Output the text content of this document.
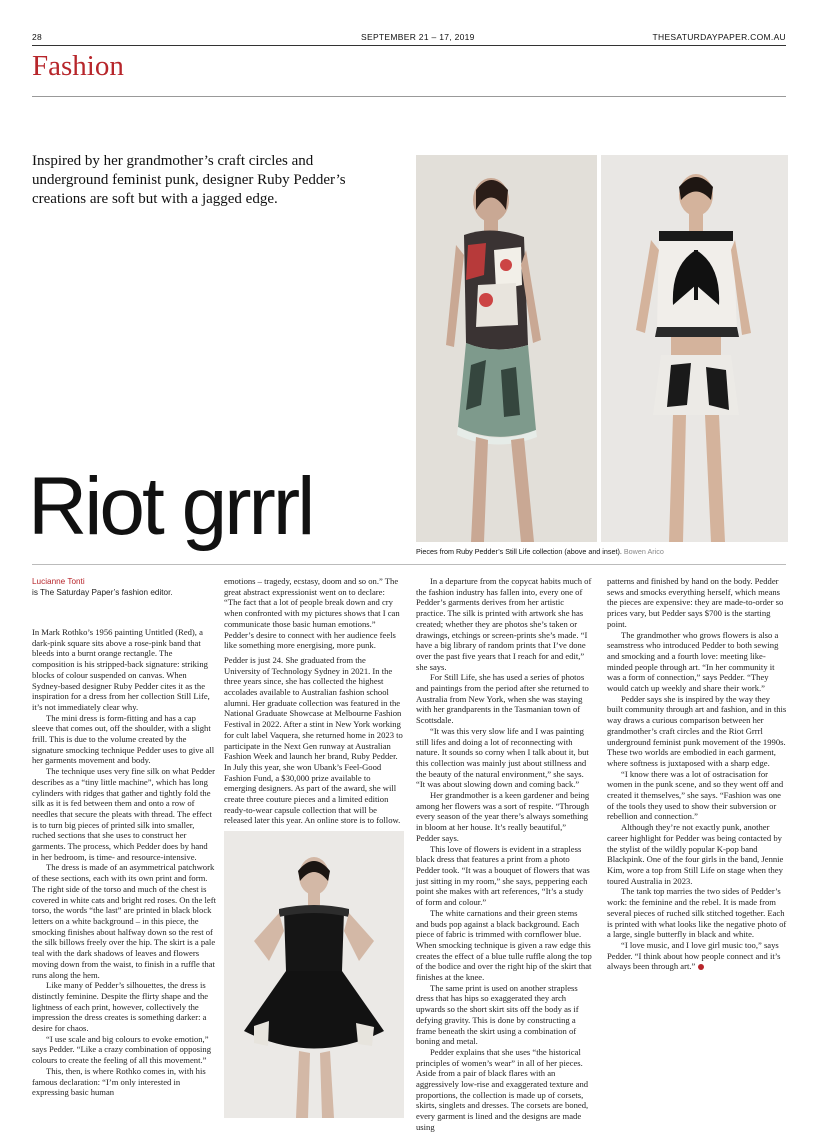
28	SEPTEMBER 21 – 17, 2019	THESATURDAYPAPER.COM.AU
Fashion
Inspired by her grandmother’s craft circles and underground feminist punk, designer Ruby Pedder’s creations are soft but with a jagged edge.
Riot grrrl	Pieces from Ruby Pedder’s Still Life collection (above and inset). Bowen Arico
Lucianne Tonti
is The Saturday Paper’s fashion editor.

In Mark Rothko’s 1956 painting Untitled (Red), a dark-pink square sits above a rose-pink band that bleeds into a burnt orange rectangle. The composition is his stripped-back signature: striking blocks of colour suspended on canvas. When Sydney-based designer Ruby Pedder cites it as the inspiration for a dress from her collection Still Life, it’s not immediately clear why.

The mini dress is form-fitting and has a cap sleeve that comes out, off the shoulder, with a slight frill. This is due to the volume created by the signature smocking technique Pedder uses to give all her garments movement and body.

The technique uses very fine silk on what Pedder describes as a “tiny little machine”, which has long cylinders with ridges that gather and tightly fold the silk as it is fed between them and onto a row of needles that secure the pleats with thread. The effect is to turn big pieces of printed silk into smaller, ruched sections that she uses to construct her garments. The process, which Pedder does by hand in her bedroom, is time- and resource-intensive.

The dress is made of an asymmetrical patchwork of these sections, each with its own print and form. The right side of the torso and much of the chest is covered in white cats and bright red roses. On the left torso, the words “the last” are printed in black block letters on a white background – in this piece, the smocking finishes about halfway down so the rest of the silk billows freely over the hip. The skirt is a pale teal with the dark shadows of leaves and flowers moving down from the waist, to finish in a ruffle that runs along the hem.

Like many of Pedder’s silhouettes, the dress is distinctly feminine. Despite the flirty shape and the lightness of each print, however, collectively the impression the dress creates is something darker: a desire for chaos.

“I use scale and big colours to evoke emotion,” says Pedder. “Like a crazy combination of opposing colours to create the feeling of all this movement.”

This, then, is where Rothko comes in, with his famous declaration: “I’m only interested in expressing basic human

emotions – tragedy, ecstasy, doom and so on.” The great abstract expressionist went on to declare: “The fact that a lot of people break down and cry when confronted with my pictures shows that I can communicate those basic human emotions.” Pedder’s desire to connect with her audience feels like something more energising, more punk.

Pedder is just 24. She graduated from the University of Technology Sydney in 2021. In the three years since, she has collected the highest accolades available to Australian fashion school alumni. Her graduate collection was featured in the National Graduate Showcase at Melbourne Fashion Festival in 2022. After a stint in New York working for cult label Vaquera, she returned home in 2023 to participate in the Next Gen runway at Australian Fashion Week and launch her brand, Ruby Pedder. In July this year, she won Ubank’s Feel-Good Fashion Fund, a $30,000 prize available to emerging designers. As part of the award, she will create three couture pieces and a limited edition ready-to-wear capsule collection that will be released later this year. An online store is to follow.

In a departure from the copycat habits much of the fashion industry has fallen into, every one of Pedder’s garments derives from her artistic practice. The silk is printed with artwork she has created; whether they are photos she’s taken or drawings, etchings or screen-prints she’s made. “I have a big library of random prints that I’ve done over the past five years that I reach for and edit,” she says.

For Still Life, she has used a series of photos and paintings from the period after she returned to Australia from New York, when she was staying with her grandparents in the Tasmanian town of Scottsdale.

“It was this very slow life and I was painting still lifes and doing a lot of reconnecting with nature. It sounds so corny when I talk about it, but this collection was mainly just about stillness and the beauty of the natural environment,” she says. “It was about slowing down and coming back.”

Her grandmother is a keen gardener and being among her flowers was a sort of respite. “Through every season of the year there’s always something in bloom at her house. It’s really beautiful,” Pedder says.

This love of flowers is evident in a strapless black dress that features a print from a photo Pedder took. “It was a bouquet of flowers that was just sitting in my room,” she says, peppering each point she makes with art references, “It’s a study of form and colour.”

The white carnations and their green stems and buds pop against a black background. Each piece of fabric is trimmed with cornflower blue. When smocking technique is given a raw edge this creates the effect of a blue tulle ruffle along the top of the bodice and over the right hip of the skirt that finishes at the knee.

The same print is used on another strapless dress that has hips so exaggerated they arch upwards so the short skirt sits off the body as if defying gravity. This is done by constructing a frame beneath the skirt using a combination of boning and metal.

Pedder explains that she uses “the historical principles of women’s wear” in all of her pieces. Aside from a pair of black flares with an aggressively low-rise and exaggerated texture and proportions, the collection is made up of corsets, skirts, singlets and dresses. The corsets are boned, every garment is lined and the designs are made using

patterns and finished by hand on the body. Pedder sews and smocks everything herself, which means the pieces are expensive: they are made-to-order so prices vary, but Pedder says $700 is the starting point.

The grandmother who grows flowers is also a seamstress who introduced Pedder to both sewing and smocking and a fourth love: meeting like-minded people through art. “In her community it was a form of connection,” says Pedder. “They would catch up weekly and share their work.”

Pedder says she is inspired by the way they built community through art and fashion, and in this way draws a curious comparison between her grandmother’s craft circles and the Riot Grrrl underground feminist punk movement of the 1990s. These two worlds are embodied in each garment, where softness is juxtaposed with a sharp edge.

“I know there was a lot of ostracisation for women in the punk scene, and so they went off and created it themselves,” she says. “Fashion was one of the tools they used to show their subversion or rebellion and connection.”

Although they’re not exactly punk, another career highlight for Pedder was being contacted by the stylist of the wildly popular K-pop band Blackpink. One of the four girls in the band, Jennie Kim, wore a top from Still Life on stage when they toured Australia in 2023.

The tank top marries the two sides of Pedder’s work: the feminine and the rebel. It is made from several pieces of ruched silk stitched together. Each is printed with what looks like the negative photo of a large, single butterfly in black and white.

“I love music, and I love girl music too,” says Pedder. “I think about how people connect and it’s always been through art.”
